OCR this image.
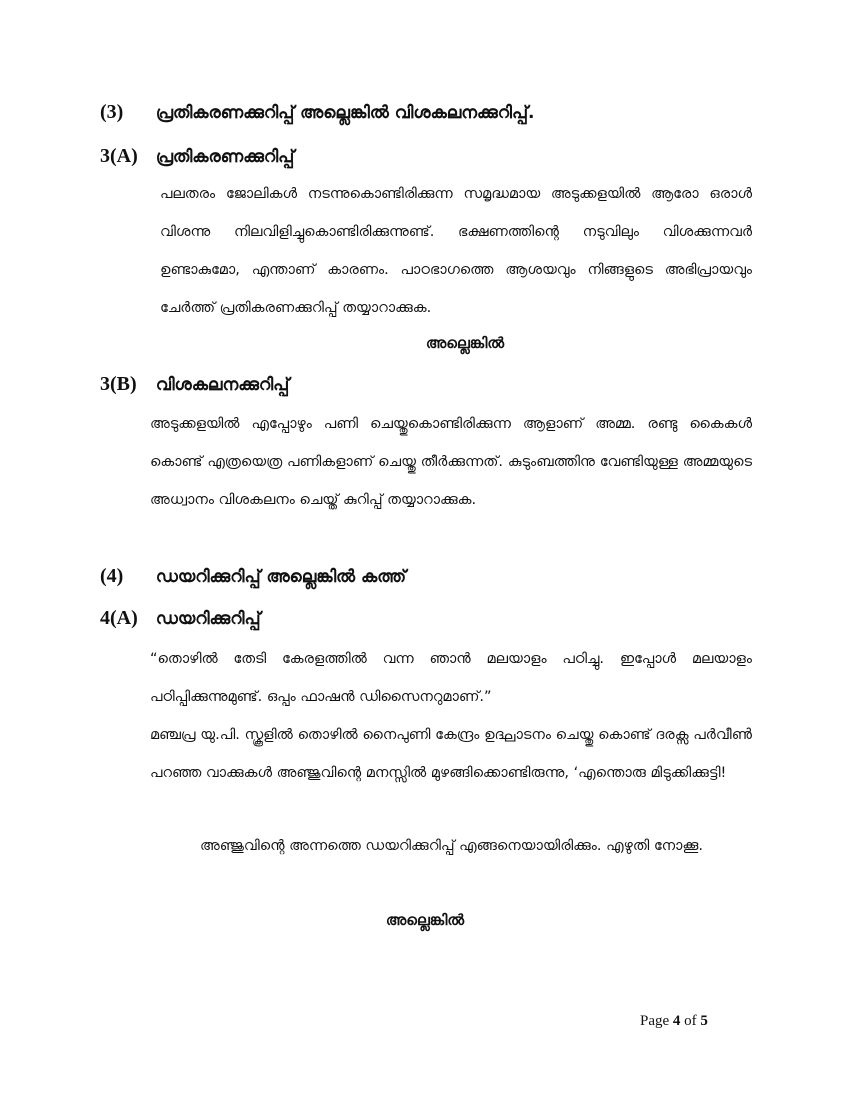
(3) പ്രതികരണക്കുറിപ്പ് അല്ലെങ്കിൽ വിശകലനക്കുറിപ്പ്.
3(A) പ്രതികരണക്കുറിപ്പ്

പലതരം ജോലികൾ നടന്നുകൊണ്ടിരിക്കുന്ന സമൃദ്ധമായ അടുക്കളയിൽ ആരോ ഒരാൾ വിശന്നു നിലവിളിച്ചുകൊണ്ടിരിക്കുന്നുണ്ട്. ഭക്ഷണത്തിന്റെ നടുവിലും വിശക്കുന്നവർ ഉണ്ടാകുമോ, എന്താണ് കാരണം. പാഠഭാഗത്തെ ആശയവും നിങ്ങളുടെ അഭിപ്രായവും ചേർത്ത് പ്രതികരണക്കുറിപ്പ് തയ്യാറാക്കുക.

അല്ലെങ്കിൽ
3(B) വിശകലനക്കുറിപ്പ്

അടുക്കളയിൽ എപ്പോഴും പണി ചെയ്തുകൊണ്ടിരിക്കുന്ന ആളാണ് അമ്മ. രണ്ടു കൈകൾ കൊണ്ട് എത്രയെത്ര പണികളാണ് ചെയ്തു തീർക്കുന്നത്. കുടുംബത്തിനു വേണ്ടിയുള്ള അമ്മയുടെ അധ്വാനം വിശകലനം ചെയ്ത് കുറിപ്പ് തയ്യാറാക്കുക.

(4) ഡയറിക്കുറിപ്പ് അല്ലെങ്കിൽ കത്ത്
4(A) ഡയറിക്കുറിപ്പ്

“തൊഴിൽ തേടി കേരളത്തിൽ വന്ന ഞാൻ മലയാളം പഠിച്ചു. ഇപ്പോൾ മലയാളം പഠിപ്പിക്കുന്നുമുണ്ട്. ഒപ്പം ഫാഷൻ ഡിസൈനറുമാണ്.”

മഞ്ചപ്ര യു.പി. സ്കൂളിൽ തൊഴിൽ നൈപുണി കേന്ദ്രം ഉദ്ഘാടനം ചെയ്തു കൊണ്ട് ദരക്സ പർവീൺ പറഞ്ഞ വാക്കുകൾ അഞ്ജുവിന്റെ മനസ്സിൽ മുഴങ്ങിക്കൊണ്ടിരുന്നു, ‘എന്തൊരു മിടുക്കിക്കുട്ടി!

അഞ്ജുവിന്റെ അന്നത്തെ ഡയറിക്കുറിപ്പ് എങ്ങനെയായിരിക്കും. എഴുതി നോക്കൂ.

അല്ലെങ്കിൽ
Page 4 of 5
